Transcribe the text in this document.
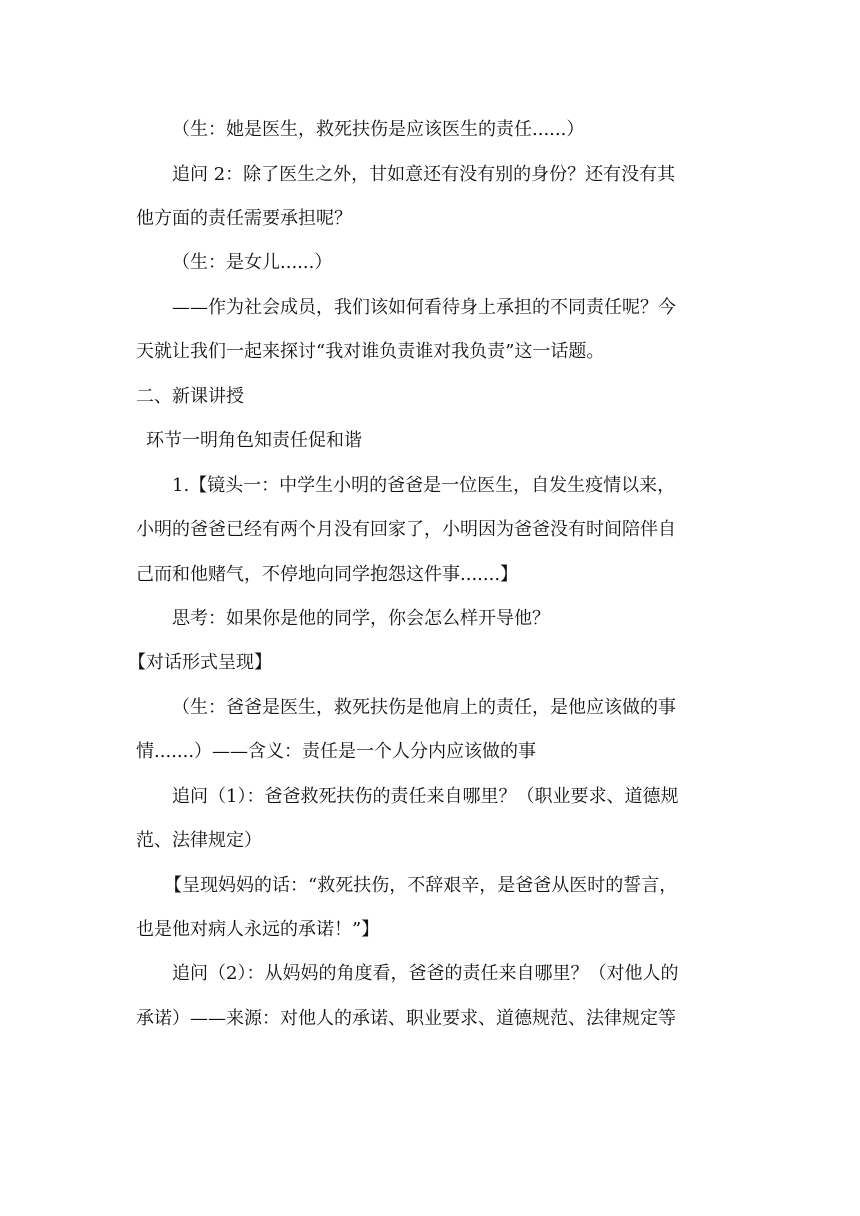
（生：她是医生，救死扶伤是应该医生的责任......）
追问 2：除了医生之外，甘如意还有没有别的身份？还有没有其
他方面的责任需要承担呢？
（生：是女儿......）
——作为社会成员，我们该如何看待身上承担的不同责任呢？今
天就让我们一起来探讨“我对谁负责谁对我负责”这一话题。
二、新课讲授
环节一明角色知责任促和谐
1.【镜头一：中学生小明的爸爸是一位医生，自发生疫情以来，
小明的爸爸已经有两个月没有回家了，小明因为爸爸没有时间陪伴自
己而和他赌气，不停地向同学抱怨这件事.......】
思考：如果你是他的同学，你会怎么样开导他？
【对话形式呈现】
（生：爸爸是医生，救死扶伤是他肩上的责任，是他应该做的事
情.......）——含义：责任是一个人分内应该做的事
追问（1）：爸爸救死扶伤的责任来自哪里？（职业要求、道德规
范、法律规定）
【呈现妈妈的话：“救死扶伤，不辞艰辛，是爸爸从医时的誓言，
也是他对病人永远的承诺！”】
追问（2）：从妈妈的角度看，爸爸的责任来自哪里？（对他人的
承诺）——来源：对他人的承诺、职业要求、道德规范、法律规定等
